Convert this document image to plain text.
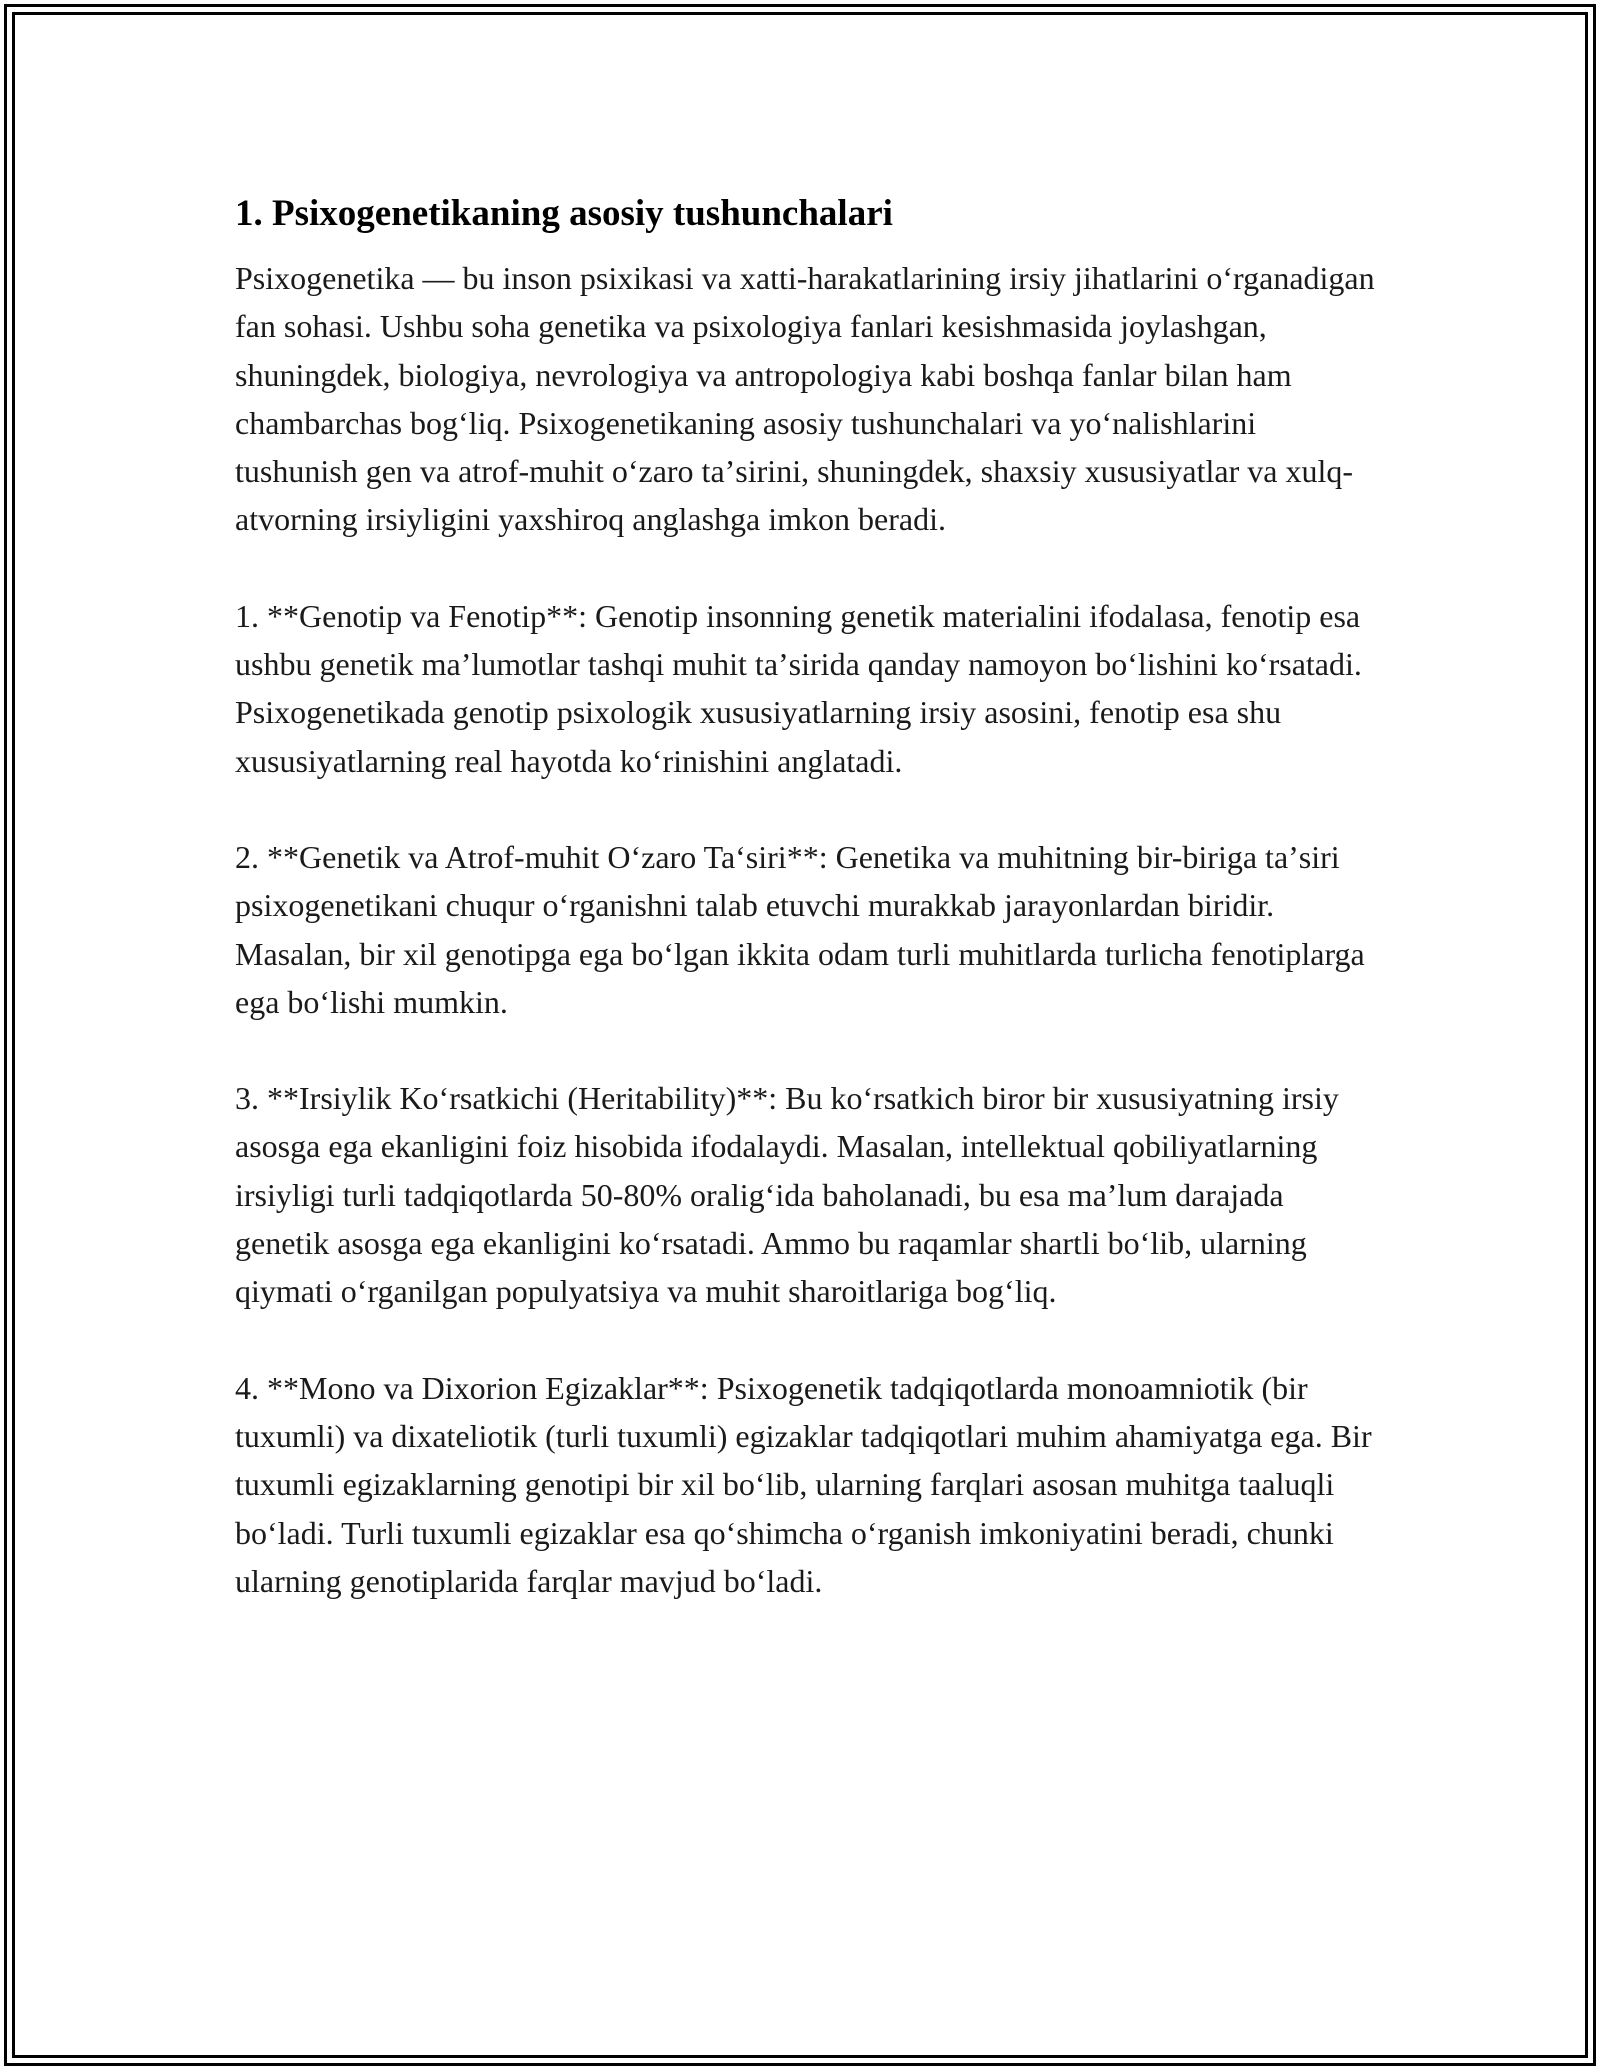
1. Psixogenetikaning asosiy tushunchalari

Psixogenetika — bu inson psixikasi va xatti-harakatlarining irsiy jihatlarini oʻrganadigan fan sohasi. Ushbu soha genetika va psixologiya fanlari kesishmasida joylashgan, shuningdek, biologiya, nevrologiya va antropologiya kabi boshqa fanlar bilan ham chambarchas bogʻliq. Psixogenetikaning asosiy tushunchalari va yoʻnalishlarini tushunish gen va atrof-muhit oʻzaro taʼsirini, shuningdek, shaxsiy xususiyatlar va xulq-atvorning irsiyligini yaxshiroq anglashga imkon beradi.

1. **Genotip va Fenotip**: Genotip insonning genetik materialini ifodalasa, fenotip esa ushbu genetik maʼlumotlar tashqi muhit taʼsirida qanday namoyon boʻlishini koʻrsatadi. Psixogenetikada genotip psixologik xususiyatlarning irsiy asosini, fenotip esa shu xususiyatlarning real hayotda koʻrinishini anglatadi.

2. **Genetik va Atrof-muhit Oʻzaro Taʻsiri**: Genetika va muhitning bir-biriga taʼsiri psixogenetikani chuqur oʻrganishni talab etuvchi murakkab jarayonlardan biridir. Masalan, bir xil genotipga ega boʻlgan ikkita odam turli muhitlarda turlicha fenotiplarga ega boʻlishi mumkin.

3. **Irsiylik Koʻrsatkichi (Heritability)**: Bu koʻrsatkich biror bir xususiyatning irsiy asosga ega ekanligini foiz hisobida ifodalaydi. Masalan, intellektual qobiliyatlarning irsiyligi turli tadqiqotlarda 50-80% oraligʻida baholanadi, bu esa maʼlum darajada genetik asosga ega ekanligini koʻrsatadi. Ammo bu raqamlar shartli boʻlib, ularning qiymati oʻrganilgan populyatsiya va muhit sharoitlariga bogʻliq.

4. **Mono va Dixorion Egizaklar**: Psixogenetik tadqiqotlarda monoamniotik (bir tuxumli) va dixateliotik (turli tuxumli) egizaklar tadqiqotlari muhim ahamiyatga ega. Bir tuxumli egizaklarning genotipi bir xil boʻlib, ularning farqlari asosan muhitga taaluqli boʻladi. Turli tuxumli egizaklar esa qoʻshimcha oʻrganish imkoniyatini beradi, chunki ularning genotiplarida farqlar mavjud boʻladi.
